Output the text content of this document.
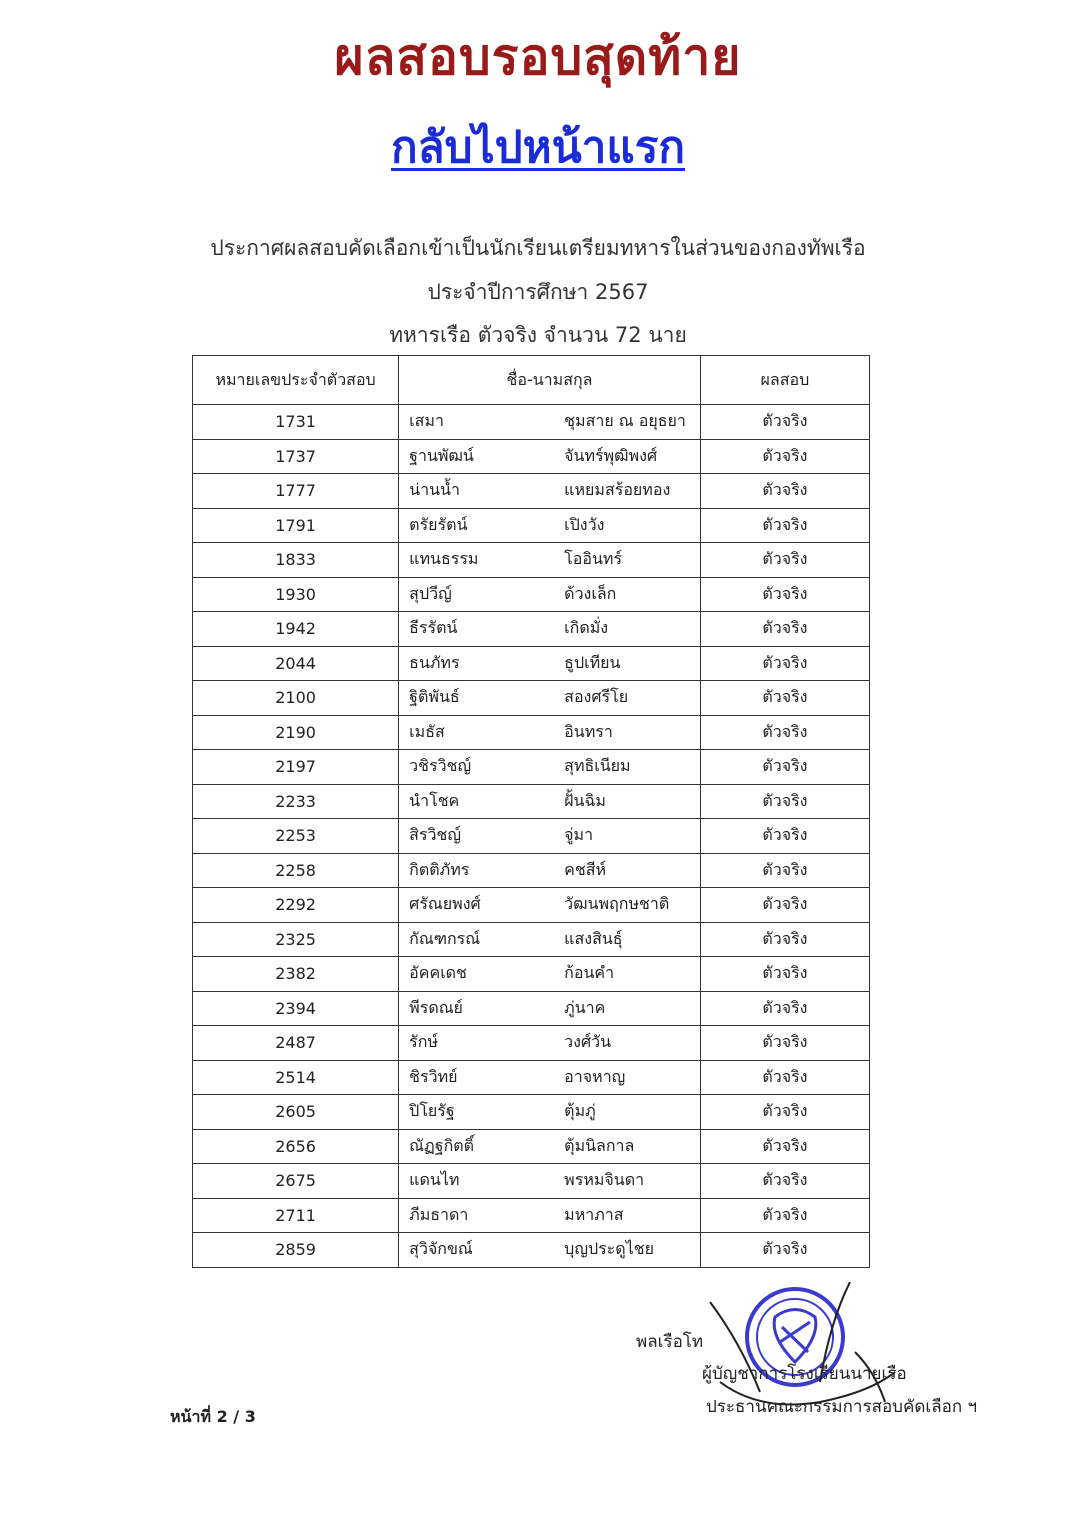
ผลสอบรอบสุดท้าย
กลับไปหน้าแรก
ประกาศผลสอบคัดเลือกเข้าเป็นนักเรียนเตรียมทหารในส่วนของกองทัพเรือ
ประจำปีการศึกษา 2567
ทหารเรือ ตัวจริง จำนวน 72 นาย
หมายเลขประจำตัวสอบ	ชื่อ-นามสกุล	ผลสอบ
1731	เสมา ชุมสาย ณ อยุธยา	ตัวจริง
1737	ฐานพัฒน์ จันทร์พุฒิพงศ์	ตัวจริง
1777	น่านน้ำ แหยมสร้อยทอง	ตัวจริง
1791	ตรัยรัตน์ เปิงวัง	ตัวจริง
1833	แทนธรรม โออินทร์	ตัวจริง
1930	สุปวีญ์ ด้วงเล็ก	ตัวจริง
1942	ธีรรัตน์ เกิดมั่ง	ตัวจริง
2044	ธนภัทร ธูปเทียน	ตัวจริง
2100	ฐิติพันธ์ สองศรีโย	ตัวจริง
2190	เมธัส อินทรา	ตัวจริง
2197	วชิรวิชญ์ สุทธิเนียม	ตัวจริง
2233	นำโชค ฝั้นฉิม	ตัวจริง
2253	สิรวิชญ์ จู่มา	ตัวจริง
2258	กิตติภัทร คชสีห์	ตัวจริง
2292	ศรัณยพงศ์ วัฒนพฤกษชาติ	ตัวจริง
2325	กัณฑกรณ์ แสงสินธุ์	ตัวจริง
2382	อัคคเดช ก้อนคำ	ตัวจริง
2394	พีรดณย์ ภู่นาค	ตัวจริง
2487	รักษ์ วงศ์วัน	ตัวจริง
2514	ชิรวิทย์ อาจหาญ	ตัวจริง
2605	ปิโยรัฐ ตุ้มภู่	ตัวจริง
2656	ณัฏฐกิตติ์ ตุ้มนิลกาล	ตัวจริง
2675	แดนไท พรหมจินดา	ตัวจริง
2711	ภีมธาดา มหาภาส	ตัวจริง
2859	สุวิจักขณ์ บุญประดูไชย	ตัวจริง
พลเรือโท
ผู้บัญชาการโรงเรียนนายเรือ
ประธานคณะกรรมการสอบคัดเลือก ฯ
หน้าที่ 2 / 3
